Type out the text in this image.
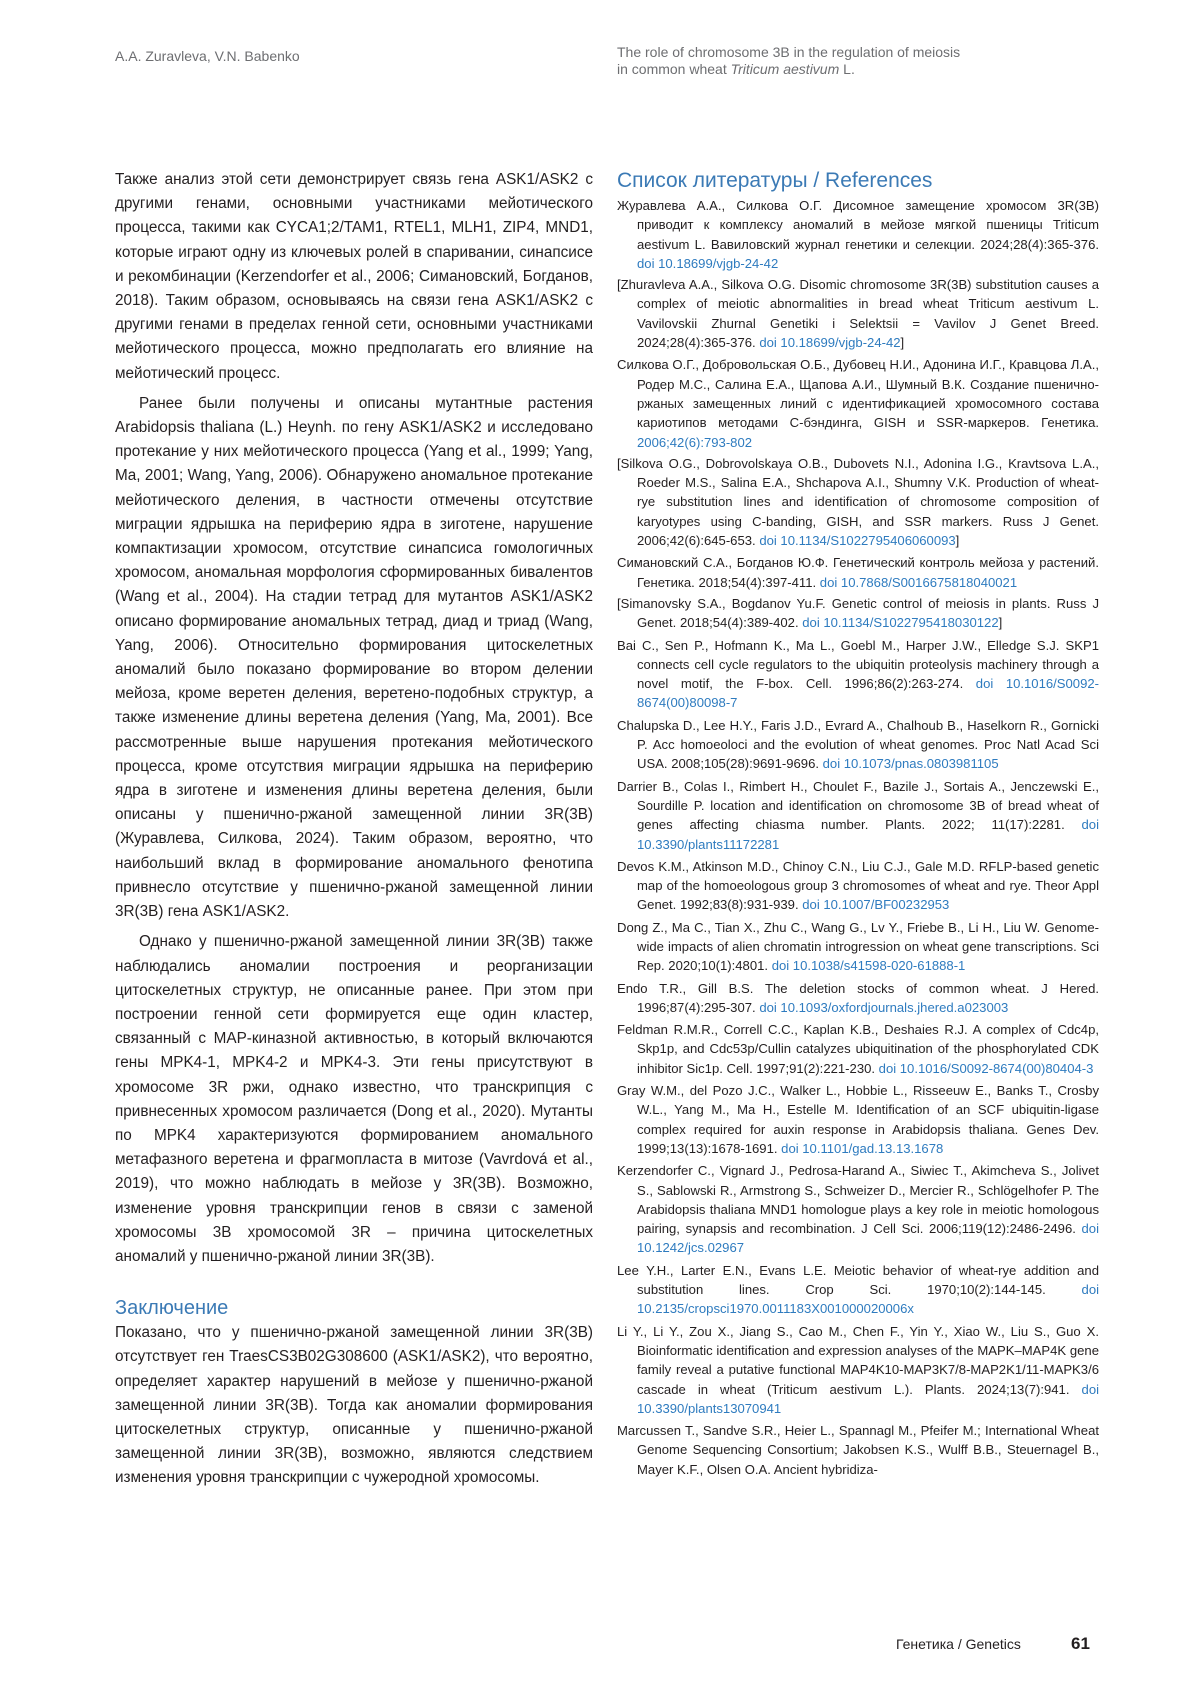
A.A. Zuravleva, V.N. Babenko	The role of chromosome 3B in the regulation of meiosis
in common wheat Triticum aestivum L.

Также анализ этой сети демонстрирует связь гена ASK1/ASK2 с другими генами, основными участниками мейотического процесса, такими как CYCA1;2/TAM1, RTEL1, MLH1, ZIP4, MND1, которые играют одну из ключевых ролей в спаривании, синапсисе и рекомбинации (Kerzendorfer et al., 2006; Симановский, Богданов, 2018). Таким образом, основываясь на связи гена ASK1/ASK2 с другими генами в пределах генной сети, основными участниками мейотического процесса, можно предполагать его влияние на мейотический процесс.

Ранее были получены и описаны мутантные растения Arabidopsis thaliana (L.) Heynh. по гену ASK1/ASK2 и исследовано протекание у них мейотического процесса (Yang et al., 1999; Yang, Ma, 2001; Wang, Yang, 2006). Обнаружено аномальное протекание мейотического деления, в частности отмечены отсутствие миграции ядрышка на периферию ядра в зиготене, нарушение компактизации хромосом, отсутствие синапсиса гомологичных хромосом, аномальная морфология сформированных бивалентов (Wang et al., 2004). На стадии тетрад для мутантов ASK1/ASK2 описано формирование аномальных тетрад, диад и триад (Wang, Yang, 2006). Относительно формирования цитоскелетных аномалий было показано формирование во втором делении мейоза, кроме веретен деления, веретено-подобных структур, а также изменение длины веретена деления (Yang, Ma, 2001). Все рассмотренные выше нарушения протекания мейотического процесса, кроме отсутствия миграции ядрышка на периферию ядра в зиготене и изменения длины веретена деления, были описаны у пшенично-ржаной замещенной линии 3R(3B) (Журавлева, Силкова, 2024). Таким образом, вероятно, что наибольший вклад в формирование аномального фенотипа привнесло отсутствие у пшенично-ржаной замещенной линии 3R(3B) гена ASK1/ASK2.

Однако у пшенично-ржаной замещенной линии 3R(3B) также наблюдались аномалии построения и реорганизации цитоскелетных структур, не описанные ранее. При этом при построении генной сети формируется еще один кластер, связанный с MAP-киназной активностью, в который включаются гены MPK4-1, MPK4-2 и MPK4-3. Эти гены присутствуют в хромосоме 3R ржи, однако известно, что транскрипция с привнесенных хромосом различается (Dong et al., 2020). Мутанты по MPK4 характеризуются формированием аномального метафазного веретена и фрагмопласта в митозе (Vavrdová et al., 2019), что можно наблюдать в мейозе у 3R(3B). Возможно, изменение уровня транскрипции генов в связи с заменой хромосомы 3B хромосомой 3R – причина цитоскелетных аномалий у пшенично-ржаной линии 3R(3B).

Заключение

Показано, что у пшенично-ржаной замещенной линии 3R(3B) отсутствует ген TraesCS3B02G308600 (ASK1/ASK2), что вероятно, определяет характер нарушений в мейозе у пшенично-ржаной замещенной линии 3R(3B). Тогда как аномалии формирования цитоскелетных структур, описанные у пшенично-ржаной замещенной линии 3R(3B), возможно, являются следствием изменения уровня транскрипции с чужеродной хромосомы.

Список литературы / References
Журавлева А.А., Силкова О.Г. Дисомное замещение хромосом 3R(3B) приводит к комплексу аномалий в мейозе мягкой пшеницы Triticum aestivum L. Вавиловский журнал генетики и селекции. 2024;28(4):365-376. doi 10.18699/vjgb-24-42
[Zhuravleva A.A., Silkova O.G. Disomic chromosome 3R(3B) substitution causes a complex of meiotic abnormalities in bread wheat Triticum aestivum L. Vavilovskii Zhurnal Genetiki i Selektsii = Vavilov J Genet Breed. 2024;28(4):365-376. doi 10.18699/vjgb-24-42]
Силкова О.Г., Добровольская О.Б., Дубовец Н.И., Адонина И.Г., Кравцова Л.А., Родер М.С., Салина Е.А., Щапова А.И., Шумный В.К. Создание пшенично-ржаных замещенных линий с идентификацией хромосомного состава кариотипов методами С-бэндинга, GISH и SSR-маркеров. Генетика. 2006;42(6):793-802
[Silkova O.G., Dobrovolskaya O.B., Dubovets N.I., Adonina I.G., Kravtsova L.A., Roeder M.S., Salina E.A., Shchapova A.I., Shumny V.K. Production of wheat-rye substitution lines and identification of chromosome composition of karyotypes using C-banding, GISH, and SSR markers. Russ J Genet. 2006;42(6):645-653. doi 10.1134/S1022795406060093]
Симановский С.А., Богданов Ю.Ф. Генетический контроль мейоза у растений. Генетика. 2018;54(4):397-411. doi 10.7868/S0016675818040021
[Simanovsky S.A., Bogdanov Yu.F. Genetic control of meiosis in plants. Russ J Genet. 2018;54(4):389-402. doi 10.1134/S1022795418030122]
Bai C., Sen P., Hofmann K., Ma L., Goebl M., Harper J.W., Elledge S.J. SKP1 connects cell cycle regulators to the ubiquitin proteolysis machinery through a novel motif, the F-box. Cell. 1996;86(2):263-274. doi 10.1016/S0092-8674(00)80098-7
Chalupska D., Lee H.Y., Faris J.D., Evrard A., Chalhoub B., Haselkorn R., Gornicki P. Acc homoeoloci and the evolution of wheat genomes. Proc Natl Acad Sci USA. 2008;105(28):9691-9696. doi 10.1073/pnas.0803981105
Darrier B., Colas I., Rimbert H., Choulet F., Bazile J., Sortais A., Jenczewski E., Sourdille P. location and identification on chromosome 3B of bread wheat of genes affecting chiasma number. Plants. 2022; 11(17):2281. doi 10.3390/plants11172281
Devos K.M., Atkinson M.D., Chinoy C.N., Liu C.J., Gale M.D. RFLP-based genetic map of the homoeologous group 3 chromosomes of wheat and rye. Theor Appl Genet. 1992;83(8):931-939. doi 10.1007/BF00232953
Dong Z., Ma C., Tian X., Zhu C., Wang G., Lv Y., Friebe B., Li H., Liu W. Genome-wide impacts of alien chromatin introgression on wheat gene transcriptions. Sci Rep. 2020;10(1):4801. doi 10.1038/s41598-020-61888-1
Endo T.R., Gill B.S. The deletion stocks of common wheat. J Hered. 1996;87(4):295-307. doi 10.1093/oxfordjournals.jhered.a023003
Feldman R.M.R., Correll C.C., Kaplan K.B., Deshaies R.J. A complex of Cdc4p, Skp1p, and Cdc53p/Cullin catalyzes ubiquitination of the phosphorylated CDK inhibitor Sic1p. Cell. 1997;91(2):221-230. doi 10.1016/S0092-8674(00)80404-3
Gray W.M., del Pozo J.C., Walker L., Hobbie L., Risseeuw E., Banks T., Crosby W.L., Yang M., Ma H., Estelle M. Identification of an SCF ubiquitin-ligase complex required for auxin response in Arabidopsis thaliana. Genes Dev. 1999;13(13):1678-1691. doi 10.1101/gad.13.13.1678
Kerzendorfer C., Vignard J., Pedrosa-Harand A., Siwiec T., Akimcheva S., Jolivet S., Sablowski R., Armstrong S., Schweizer D., Mercier R., Schlögelhofer P. The Arabidopsis thaliana MND1 homologue plays a key role in meiotic homologous pairing, synapsis and recombination. J Cell Sci. 2006;119(12):2486-2496. doi 10.1242/jcs.02967
Lee Y.H., Larter E.N., Evans L.E. Meiotic behavior of wheat-rye addition and substitution lines. Crop Sci. 1970;10(2):144-145.	doi 10.2135/cropsci1970.0011183X001000020006x
Li Y., Li Y., Zou X., Jiang S., Cao M., Chen F., Yin Y., Xiao W., Liu S., Guo X. Bioinformatic identification and expression analyses of the MAPK–MAP4K gene family reveal a putative functional MAP4K10-MAP3K7/8-MAP2K1/11-MAPK3/6 cascade in wheat (Triticum aestivum L.). Plants. 2024;13(7):941. doi 10.3390/plants13070941
Marcussen T., Sandve S.R., Heier L., Spannagl M., Pfeifer M.; International Wheat Genome Sequencing Consortium; Jakobsen K.S., Wulff B.B., Steuernagel B., Mayer K.F., Olsen O.A. Ancient hybridiza-
Генетика / Genetics	61
